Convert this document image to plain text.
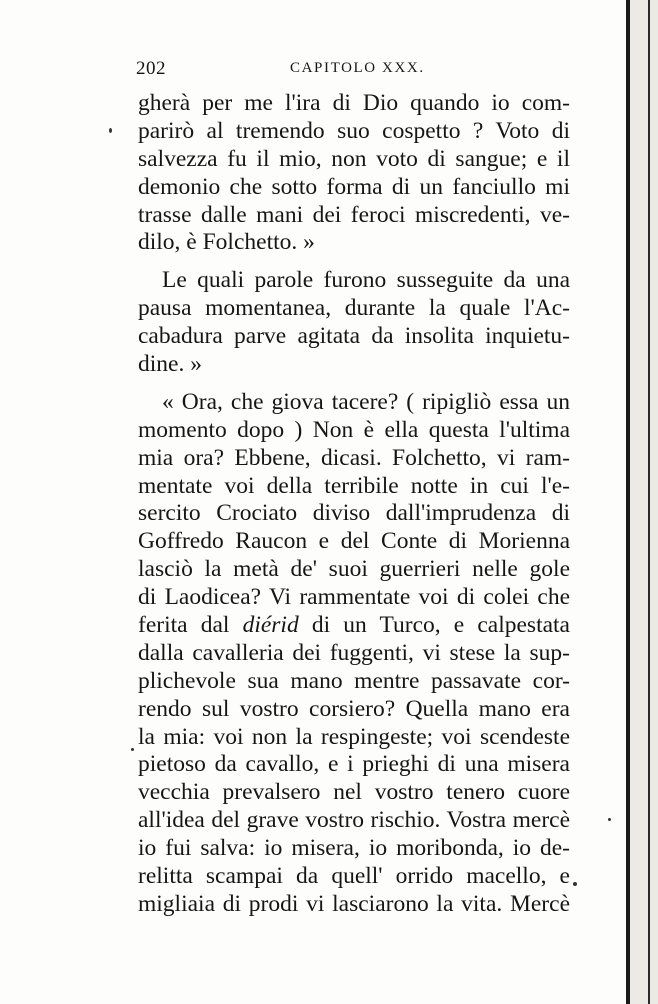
202	CAPITOLO XXX.
gherà per me l'ira di Dio quando io com-
parirò al tremendo suo cospetto ? Voto di
salvezza fu il mio, non voto di sangue; e il
demonio che sotto forma di un fanciullo mi
trasse dalle mani dei feroci miscredenti, ve-
dilo, è Folchetto. »
Le quali parole furono susseguite da una
pausa momentanea, durante la quale l'Ac-
cabadura parve agitata da insolita inquietu-
dine. »
« Ora, che giova tacere? ( ripigliò essa un
momento dopo ) Non è ella questa l'ultima
mia ora? Ebbene, dicasi. Folchetto, vi ram-
mentate voi della terribile notte in cui l'e-
sercito Crociato diviso dall'imprudenza di
Goffredo Raucon e del Conte di Morienna
lasciò la metà de' suoi guerrieri nelle gole
di Laodicea? Vi rammentate voi di colei che
ferita dal diérid di un Turco, e calpestata
dalla cavalleria dei fuggenti, vi stese la sup-
plichevole sua mano mentre passavate cor-
rendo sul vostro corsiero? Quella mano era
la mia: voi non la respingeste; voi scendeste
pietoso da cavallo, e i prieghi di una misera
vecchia prevalsero nel vostro tenero cuore
all'idea del grave vostro rischio. Vostra mercè
io fui salva: io misera, io moribonda, io de-
relitta scampai da quell' orrido macello, e
migliaia di prodi vi lasciarono la vita. Mercè
